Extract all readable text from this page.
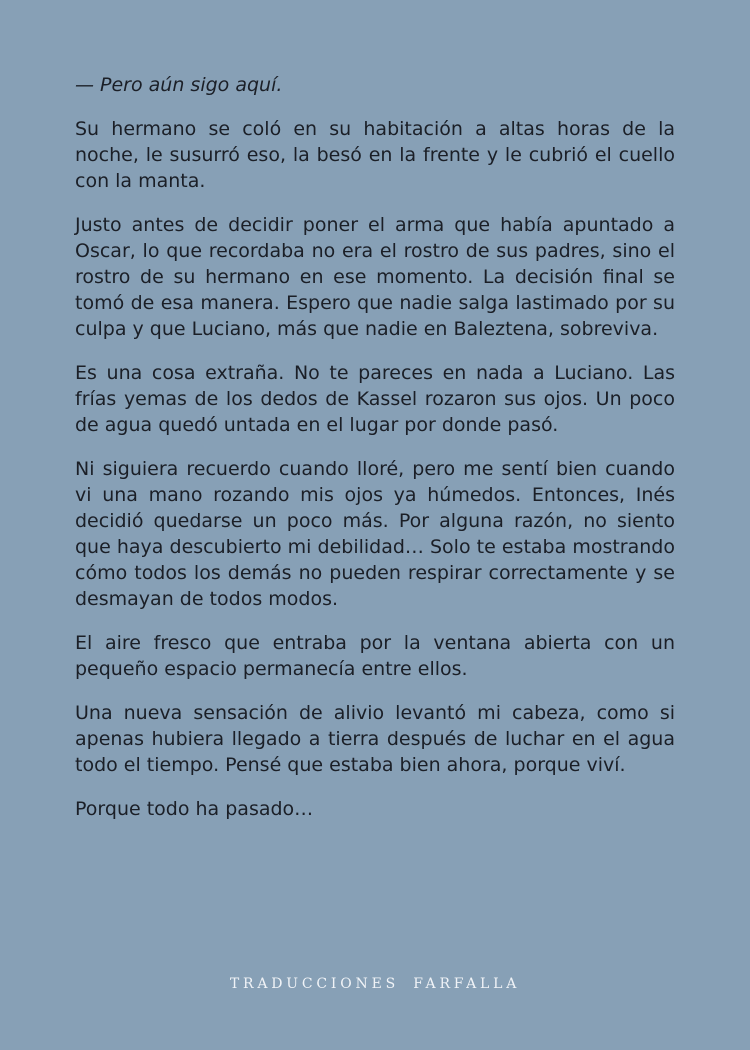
— Pero aún sigo aquí.

Su hermano se coló en su habitación a altas horas de la noche, le susurró eso, la besó en la frente y le cubrió el cuello con la manta.

Justo antes de decidir poner el arma que había apuntado a Oscar, lo que recordaba no era el rostro de sus padres, sino el rostro de su hermano en ese momento. La decisión final se tomó de esa manera. Espero que nadie salga lastimado por su culpa y que Luciano, más que nadie en Baleztena, sobreviva.

Es una cosa extraña. No te pareces en nada a Luciano. Las frías yemas de los dedos de Kassel rozaron sus ojos. Un poco de agua quedó untada en el lugar por donde pasó.

Ni siguiera recuerdo cuando lloré, pero me sentí bien cuando vi una mano rozando mis ojos ya húmedos. Entonces, Inés decidió quedarse un poco más. Por alguna razón, no siento que haya descubierto mi debilidad… Solo te estaba mostrando cómo todos los demás no pueden respirar correctamente y se desmayan de todos modos.

El aire fresco que entraba por la ventana abierta con un pequeño espacio permanecía entre ellos.

Una nueva sensación de alivio levantó mi cabeza, como si apenas hubiera llegado a tierra después de luchar en el agua todo el tiempo. Pensé que estaba bien ahora, porque viví.

Porque todo ha pasado…

TRADUCCIONES FARFALLA
